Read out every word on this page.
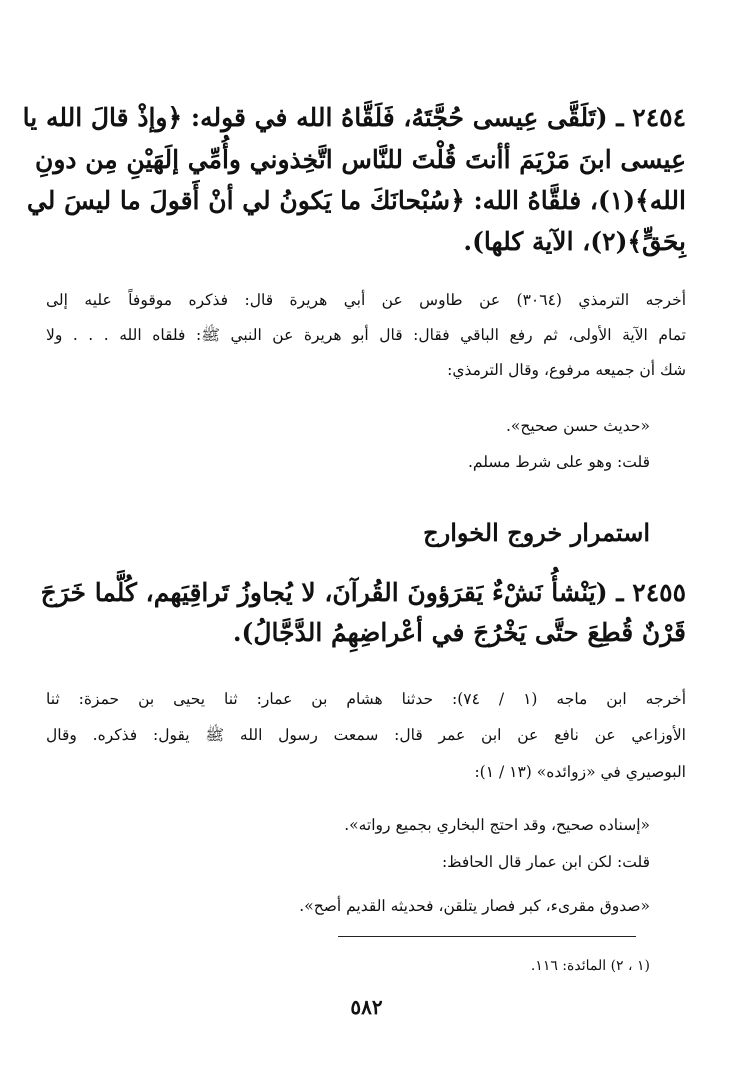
٢٤٥٤ ـ (تَلَقَّى عِيسى حُجَّتَهُ، فَلَقَّاهُ الله في قوله: ﴿وإذْ قالَ الله يا

عِيسى ابنَ مَرْيَمَ أأنتَ قُلْتَ للنَّاس اتَّخِذوني وأُمِّي إلَهَيْنِ مِن دونِ

الله﴾(١)، فلقَّاهُ الله: ﴿سُبْحانَكَ ما يَكونُ لي أنْ أَقولَ ما ليسَ لي

بِحَقٍّ﴾(٢)، الآية كلها).

أخرجه الترمذي (٣٠٦٤) عن طاوس عن أبي هريرة قال: فذكره موقوفاً عليه إلى

تمام الآية الأولى، ثم رفع الباقي فقال: قال أبو هريرة عن النبي ﷺ: فلقاه الله . . . ولا

شك أن جميعه مرفوع، وقال الترمذي:

«حديث حسن صحيح».

قلت: وهو على شرط مسلم.

استمرار خروج الخوارج

٢٤٥٥ ـ (يَنْشأُ نَشْءٌ يَقرَؤونَ القُرآنَ، لا يُجاوزُ تَراقِيَهم، كُلَّما خَرَجَ

قَرْنٌ قُطِعَ حتَّى يَخْرُجَ في أعْراضِهِمُ الدَّجَّالُ).

أخرجه ابن ماجه (١ / ٧٤): حدثنا هشام بن عمار: ثنا يحيى بن حمزة: ثنا

الأوزاعي عن نافع عن ابن عمر قال: سمعت رسول الله ﷺ يقول: فذكره. وقال

البوصيري في «زوائده» (١٣ / ١):

«إسناده صحيح، وقد احتج البخاري بجميع رواته».

قلت: لكن ابن عمار قال الحافظ:

«صدوق مقرىء، كبر فصار يتلقن، فحديثه القديم أصح».

(١ ، ٢) المائدة: ١١٦.

٥٨٢
